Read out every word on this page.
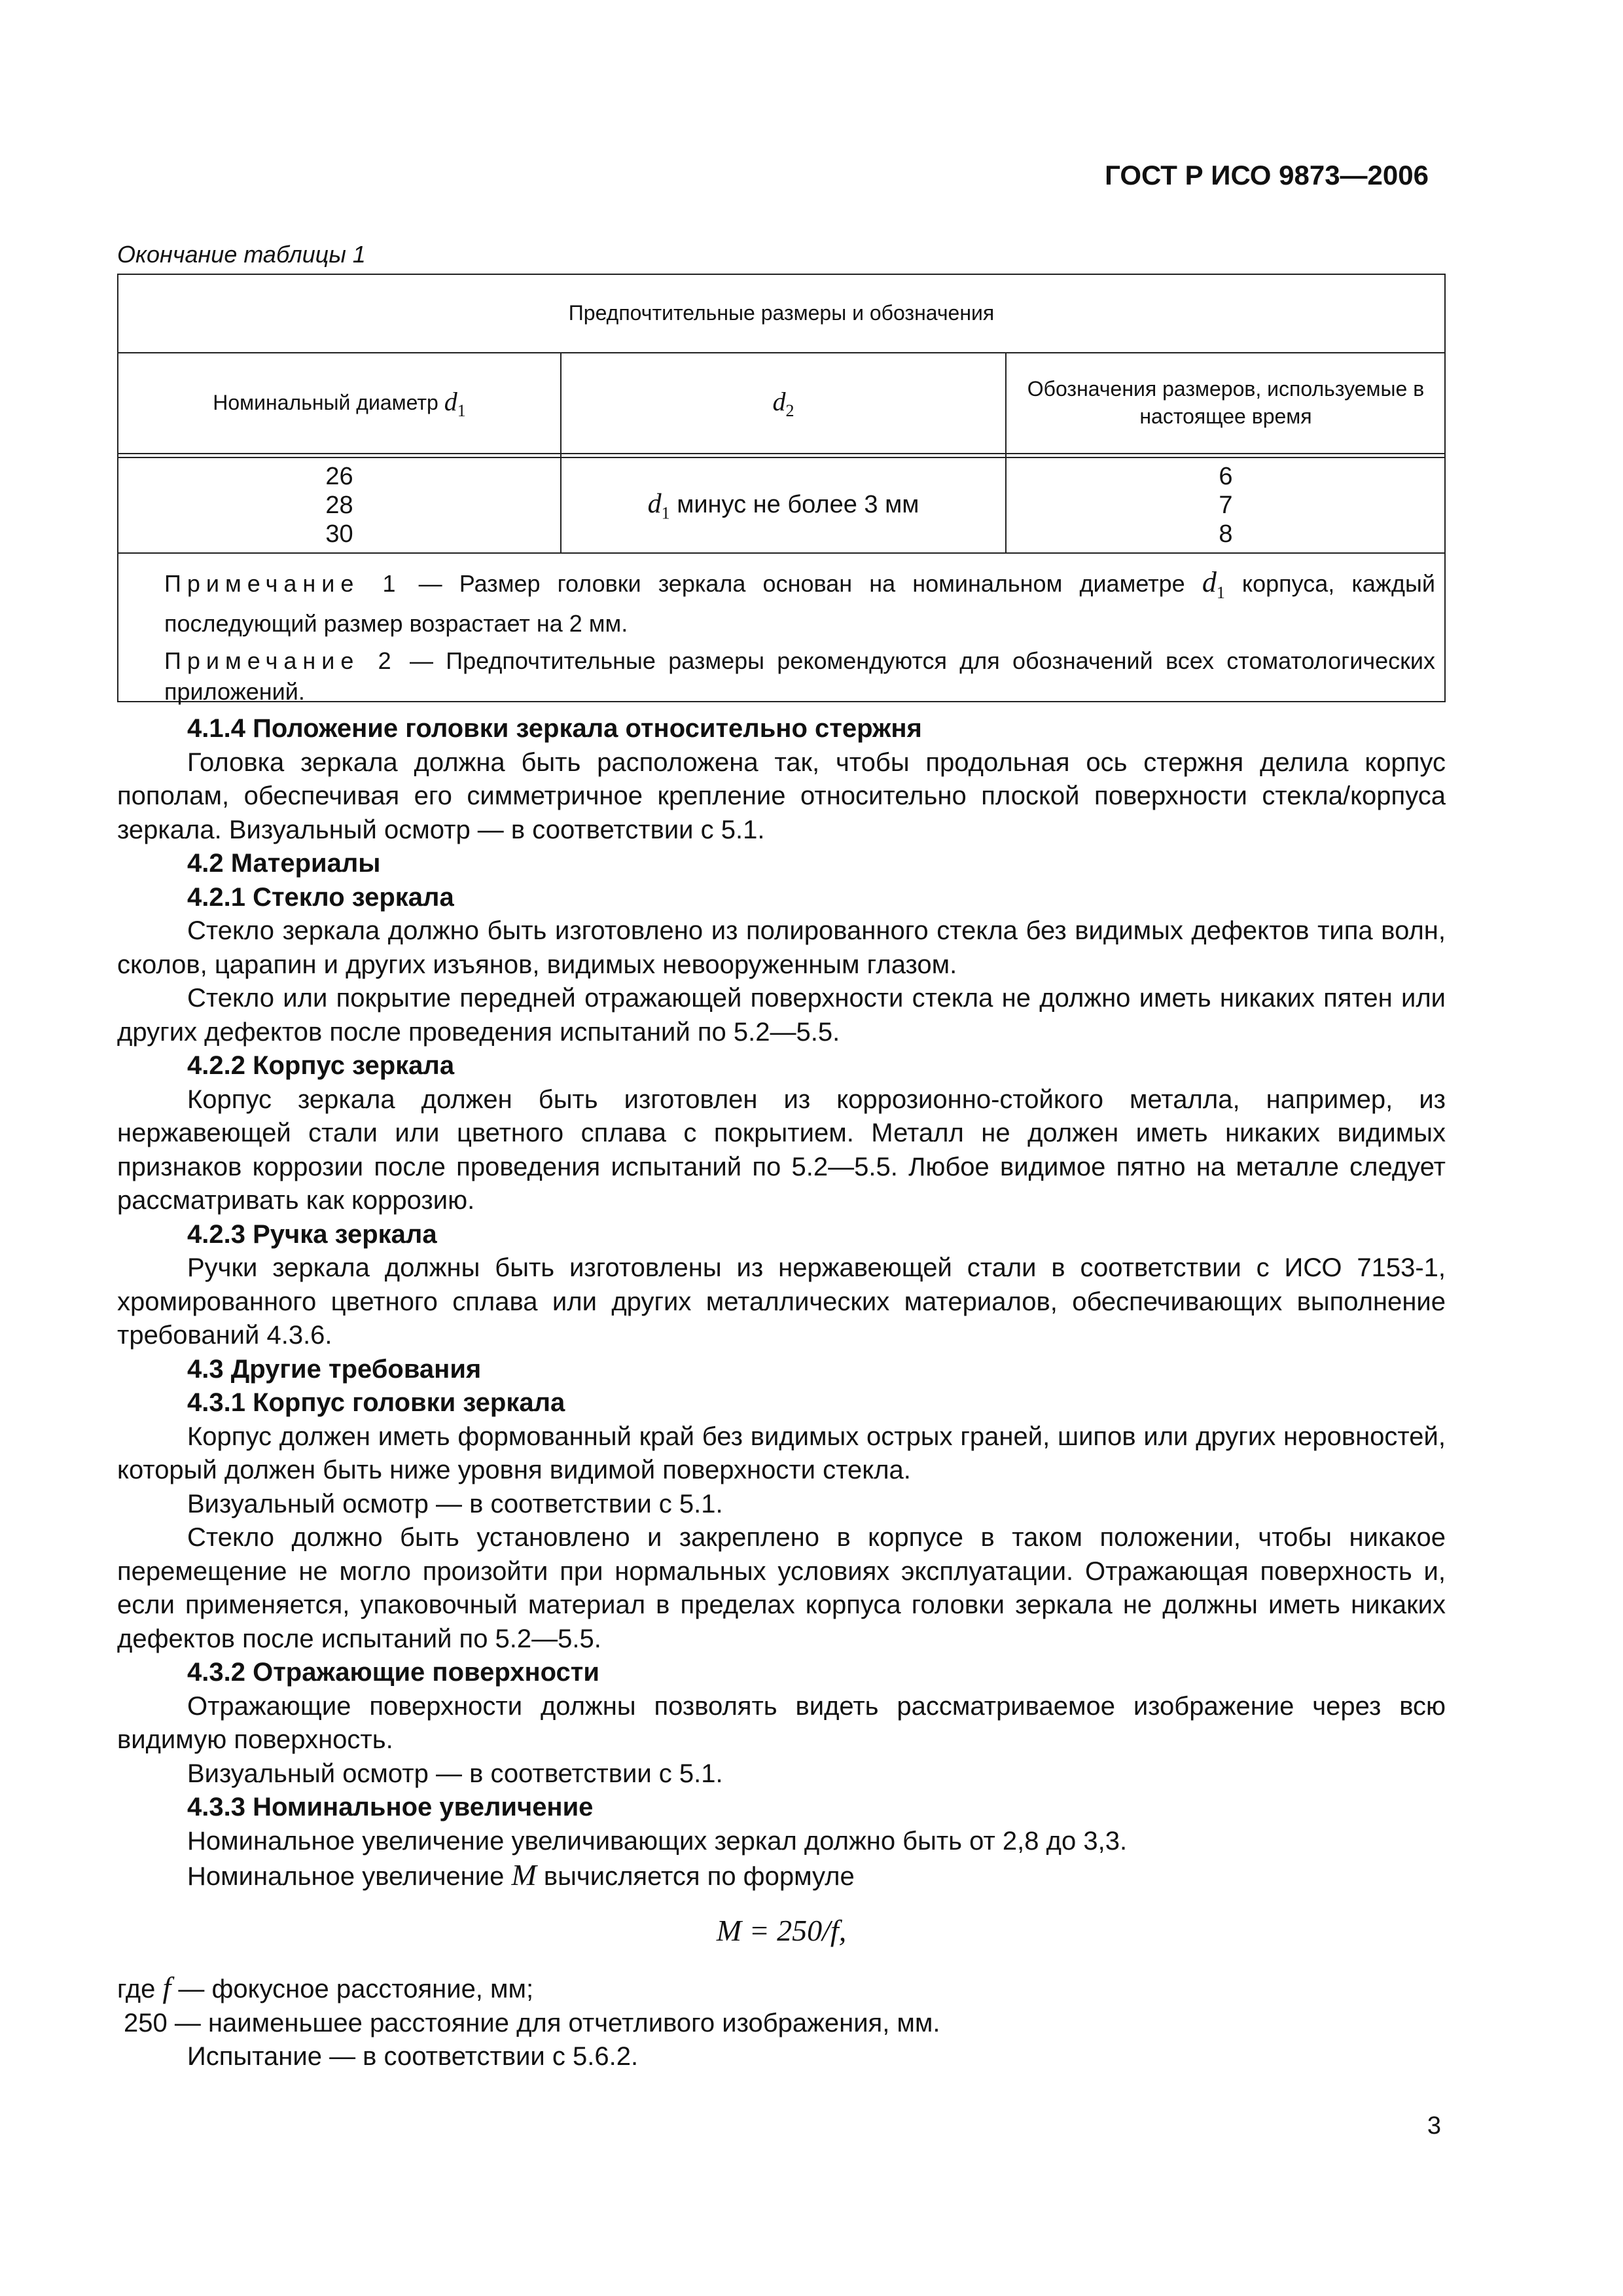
ГОСТ Р ИСО 9873—2006
Окончание таблицы 1
Предпочтительные размеры и обозначения
Номинальный диаметр
$d_1$	$d_2$
Обозначения размеров, используемые в настоящее время
26
28
30
$d_1$ минус не более 3 мм
6
7
8

Примечание 1 — Размер головки зеркала основан на номинальном диаметре $d_1$ корпуса, каждый последующий размер возрастает на 2 мм.

Примечание 2 — Предпочтительные размеры рекомендуются для обозначений всех стоматологических приложений.

4.1.4 Положение головки зеркала относительно стержня

Головка зеркала должна быть расположена так, чтобы продольная ось стержня делила корпус пополам, обеспечивая его симметричное крепление относительно плоской поверхности стекла/корпуса зеркала. Визуальный осмотр — в соответствии с 5.1.

4.2 Материалы
4.2.1 Стекло зеркала

Стекло зеркала должно быть изготовлено из полированного стекла без видимых дефектов типа волн, сколов, царапин и других изъянов, видимых невооруженным глазом.

Стекло или покрытие передней отражающей поверхности стекла не должно иметь никаких пятен или других дефектов после проведения испытаний по 5.2—5.5.

4.2.2 Корпус зеркала

Корпус зеркала должен быть изготовлен из коррозионно-стойкого металла, например, из нержавеющей стали или цветного сплава с покрытием. Металл не должен иметь никаких видимых признаков коррозии после проведения испытаний по 5.2—5.5. Любое видимое пятно на металле следует рассматривать как коррозию.

4.2.3 Ручка зеркала

Ручки зеркала должны быть изготовлены из нержавеющей стали в соответствии с ИСО 7153-1, хромированного цветного сплава или других металлических материалов, обеспечивающих выполнение требований 4.3.6.

4.3 Другие требования
4.3.1 Корпус головки зеркала

Корпус должен иметь формованный край без видимых острых граней, шипов или других неровностей, который должен быть ниже уровня видимой поверхности стекла.

Визуальный осмотр — в соответствии с 5.1.

Стекло должно быть установлено и закреплено в корпусе в таком положении, чтобы никакое перемещение не могло произойти при нормальных условиях эксплуатации. Отражающая поверхность и, если применяется, упаковочный материал в пределах корпуса головки зеркала не должны иметь никаких дефектов после испытаний по 5.2—5.5.

4.3.2 Отражающие поверхности

Отражающие поверхности должны позволять видеть рассматриваемое изображение через всю видимую поверхность.

Визуальный осмотр — в соответствии с 5.1.

4.3.3 Номинальное увеличение

Номинальное увеличение увеличивающих зеркал должно быть от 2,8 до 3,3.

Номинальное увеличение M вычисляется по формуле

M = 250/f,

где f — фокусное расстояние, мм;

250 — наименьшее расстояние для отчетливого изображения, мм.

Испытание — в соответствии с 5.6.2.

3
